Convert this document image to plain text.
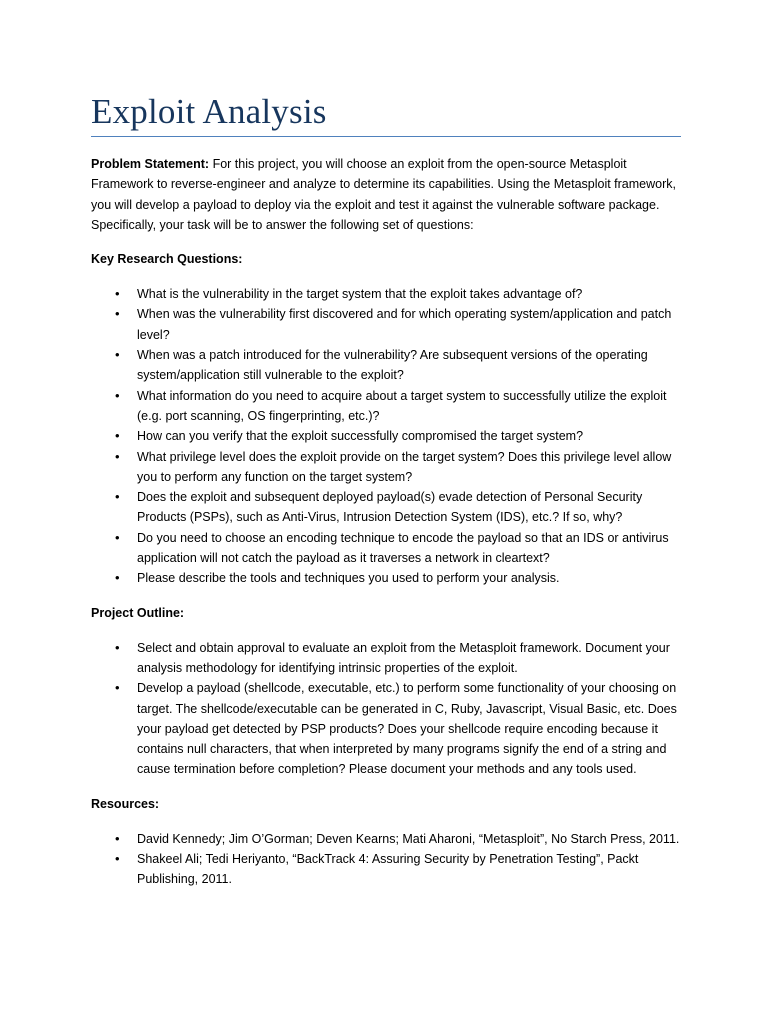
Exploit Analysis

Problem Statement: For this project, you will choose an exploit from the open-source Metasploit Framework to reverse-engineer and analyze to determine its capabilities. Using the Metasploit framework, you will develop a payload to deploy via the exploit and test it against the vulnerable software package. Specifically, your task will be to answer the following set of questions:

Key Research Questions:
• What is the vulnerability in the target system that the exploit takes advantage of?
• When was the vulnerability first discovered and for which operating system/application and patch level?
• When was a patch introduced for the vulnerability? Are subsequent versions of the operating system/application still vulnerable to the exploit?
• What information do you need to acquire about a target system to successfully utilize the exploit (e.g. port scanning, OS fingerprinting, etc.)?
• How can you verify that the exploit successfully compromised the target system?
• What privilege level does the exploit provide on the target system? Does this privilege level allow you to perform any function on the target system?
• Does the exploit and subsequent deployed payload(s) evade detection of Personal Security Products (PSPs), such as Anti-Virus, Intrusion Detection System (IDS), etc.? If so, why?
• Do you need to choose an encoding technique to encode the payload so that an IDS or antivirus application will not catch the payload as it traverses a network in cleartext?
• Please describe the tools and techniques you used to perform your analysis.
Project Outline:
• Select and obtain approval to evaluate an exploit from the Metasploit framework. Document your analysis methodology for identifying intrinsic properties of the exploit.
• Develop a payload (shellcode, executable, etc.) to perform some functionality of your choosing on target. The shellcode/executable can be generated in C, Ruby, Javascript, Visual Basic, etc. Does your payload get detected by PSP products? Does your shellcode require encoding because it contains null characters, that when interpreted by many programs signify the end of a string and cause termination before completion? Please document your methods and any tools used.
Resources:
• David Kennedy; Jim O’Gorman; Deven Kearns; Mati Aharoni, “Metasploit”, No Starch Press, 2011.
• Shakeel Ali; Tedi Heriyanto, “BackTrack 4: Assuring Security by Penetration Testing”, Packt Publishing, 2011.
